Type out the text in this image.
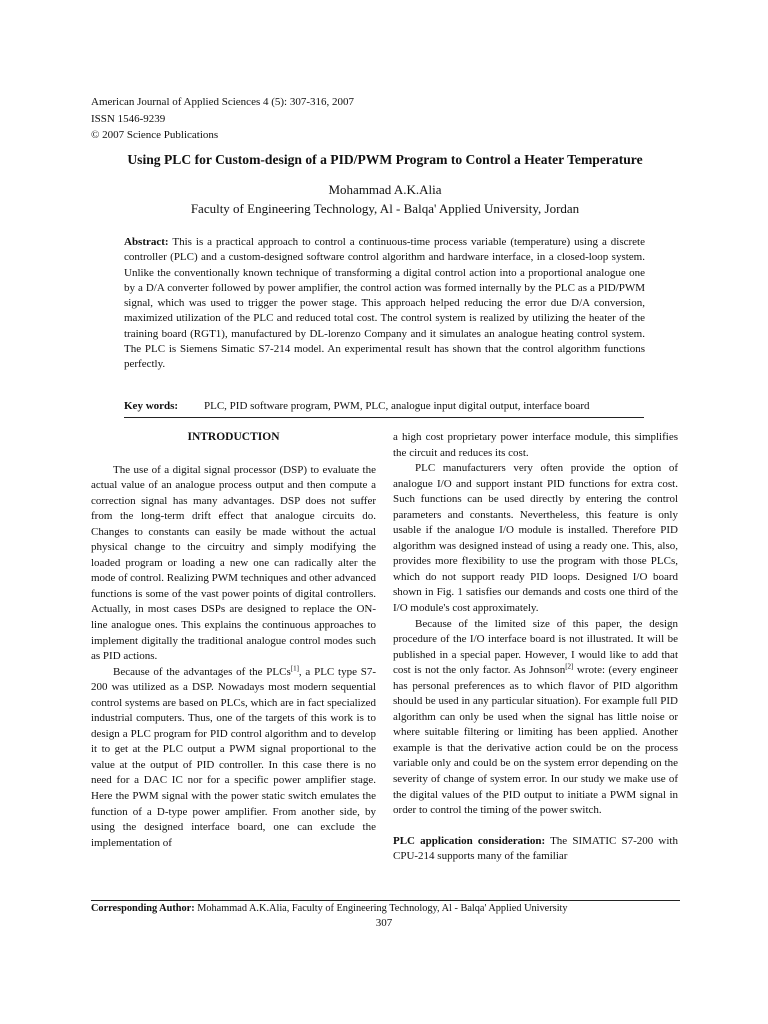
American Journal of Applied Sciences 4 (5): 307-316, 2007
ISSN 1546-9239
© 2007 Science Publications
Using PLC for Custom-design of a PID/PWM Program to Control a Heater Temperature
Mohammad A.K.Alia
Faculty of Engineering Technology, Al - Balqa' Applied University, Jordan
Abstract: This is a practical approach to control a continuous-time process variable (temperature) using a discrete controller (PLC) and a custom-designed software control algorithm and hardware interface, in a closed-loop system. Unlike the conventionally known technique of transforming a digital control action into a proportional analogue one by a D/A converter followed by power amplifier, the control action was formed internally by the PLC as a PID/PWM signal, which was used to trigger the power stage. This approach helped reducing the error due D/A conversion, maximized utilization of the PLC and reduced total cost. The control system is realized by utilizing the heater of the training board (RGT1), manufactured by DL-lorenzo Company and it simulates an analogue heating control system. The PLC is Siemens Simatic S7-214 model. An experimental result has shown that the control algorithm functions perfectly.
Key words: PLC, PID software program, PWM, PLC, analogue input digital output, interface board
INTRODUCTION

The use of a digital signal processor (DSP) to evaluate the actual value of an analogue process output and then compute a correction signal has many advantages. DSP does not suffer from the long-term drift effect that analogue circuits do. Changes to constants can easily be made without the actual physical change to the circuitry and simply modifying the loaded program or loading a new one can radically alter the mode of control. Realizing PWM techniques and other advanced functions is some of the vast power points of digital controllers. Actually, in most cases DSPs are designed to replace the ON-line analogue ones. This explains the continuous approaches to implement digitally the traditional analogue control modes such as PID actions.

Because of the advantages of the PLCs[1], a PLC type S7-200 was utilized as a DSP. Nowadays most modern sequential control systems are based on PLCs, which are in fact specialized industrial computers. Thus, one of the targets of this work is to design a PLC program for PID control algorithm and to develop it to get at the PLC output a PWM signal proportional to the value at the output of PID controller. In this case there is no need for a DAC IC nor for a specific power amplifier stage. Here the PWM signal with the power static switch emulates the function of a D-type power amplifier. From another side, by using the designed interface board, one can exclude the implementation of

a high cost proprietary power interface module, this simplifies the circuit and reduces its cost.

PLC manufacturers very often provide the option of analogue I/O and support instant PID functions for extra cost. Such functions can be used directly by entering the control parameters and constants. Nevertheless, this feature is only usable if the analogue I/O module is installed. Therefore PID algorithm was designed instead of using a ready one. This, also, provides more flexibility to use the program with those PLCs, which do not support ready PID loops. Designed I/O board shown in Fig. 1 satisfies our demands and costs one third of the I/O module's cost approximately.

Because of the limited size of this paper, the design procedure of the I/O interface board is not illustrated. It will be published in a special paper. However, I would like to add that cost is not the only factor. As Johnson[2] wrote: (every engineer has personal preferences as to which flavor of PID algorithm should be used in any particular situation). For example full PID algorithm can only be used when the signal has little noise or where suitable filtering or limiting has been applied. Another example is that the derivative action could be on the process variable only and could be on the system error depending on the severity of change of system error. In our study we make use of the digital values of the PID output to initiate a PWM signal in order to control the timing of the power switch.

PLC application consideration: The SIMATIC S7-200 with CPU-214 supports many of the familiar

Corresponding Author: Mohammad A.K.Alia, Faculty of Engineering Technology, Al - Balqa' Applied University
307
